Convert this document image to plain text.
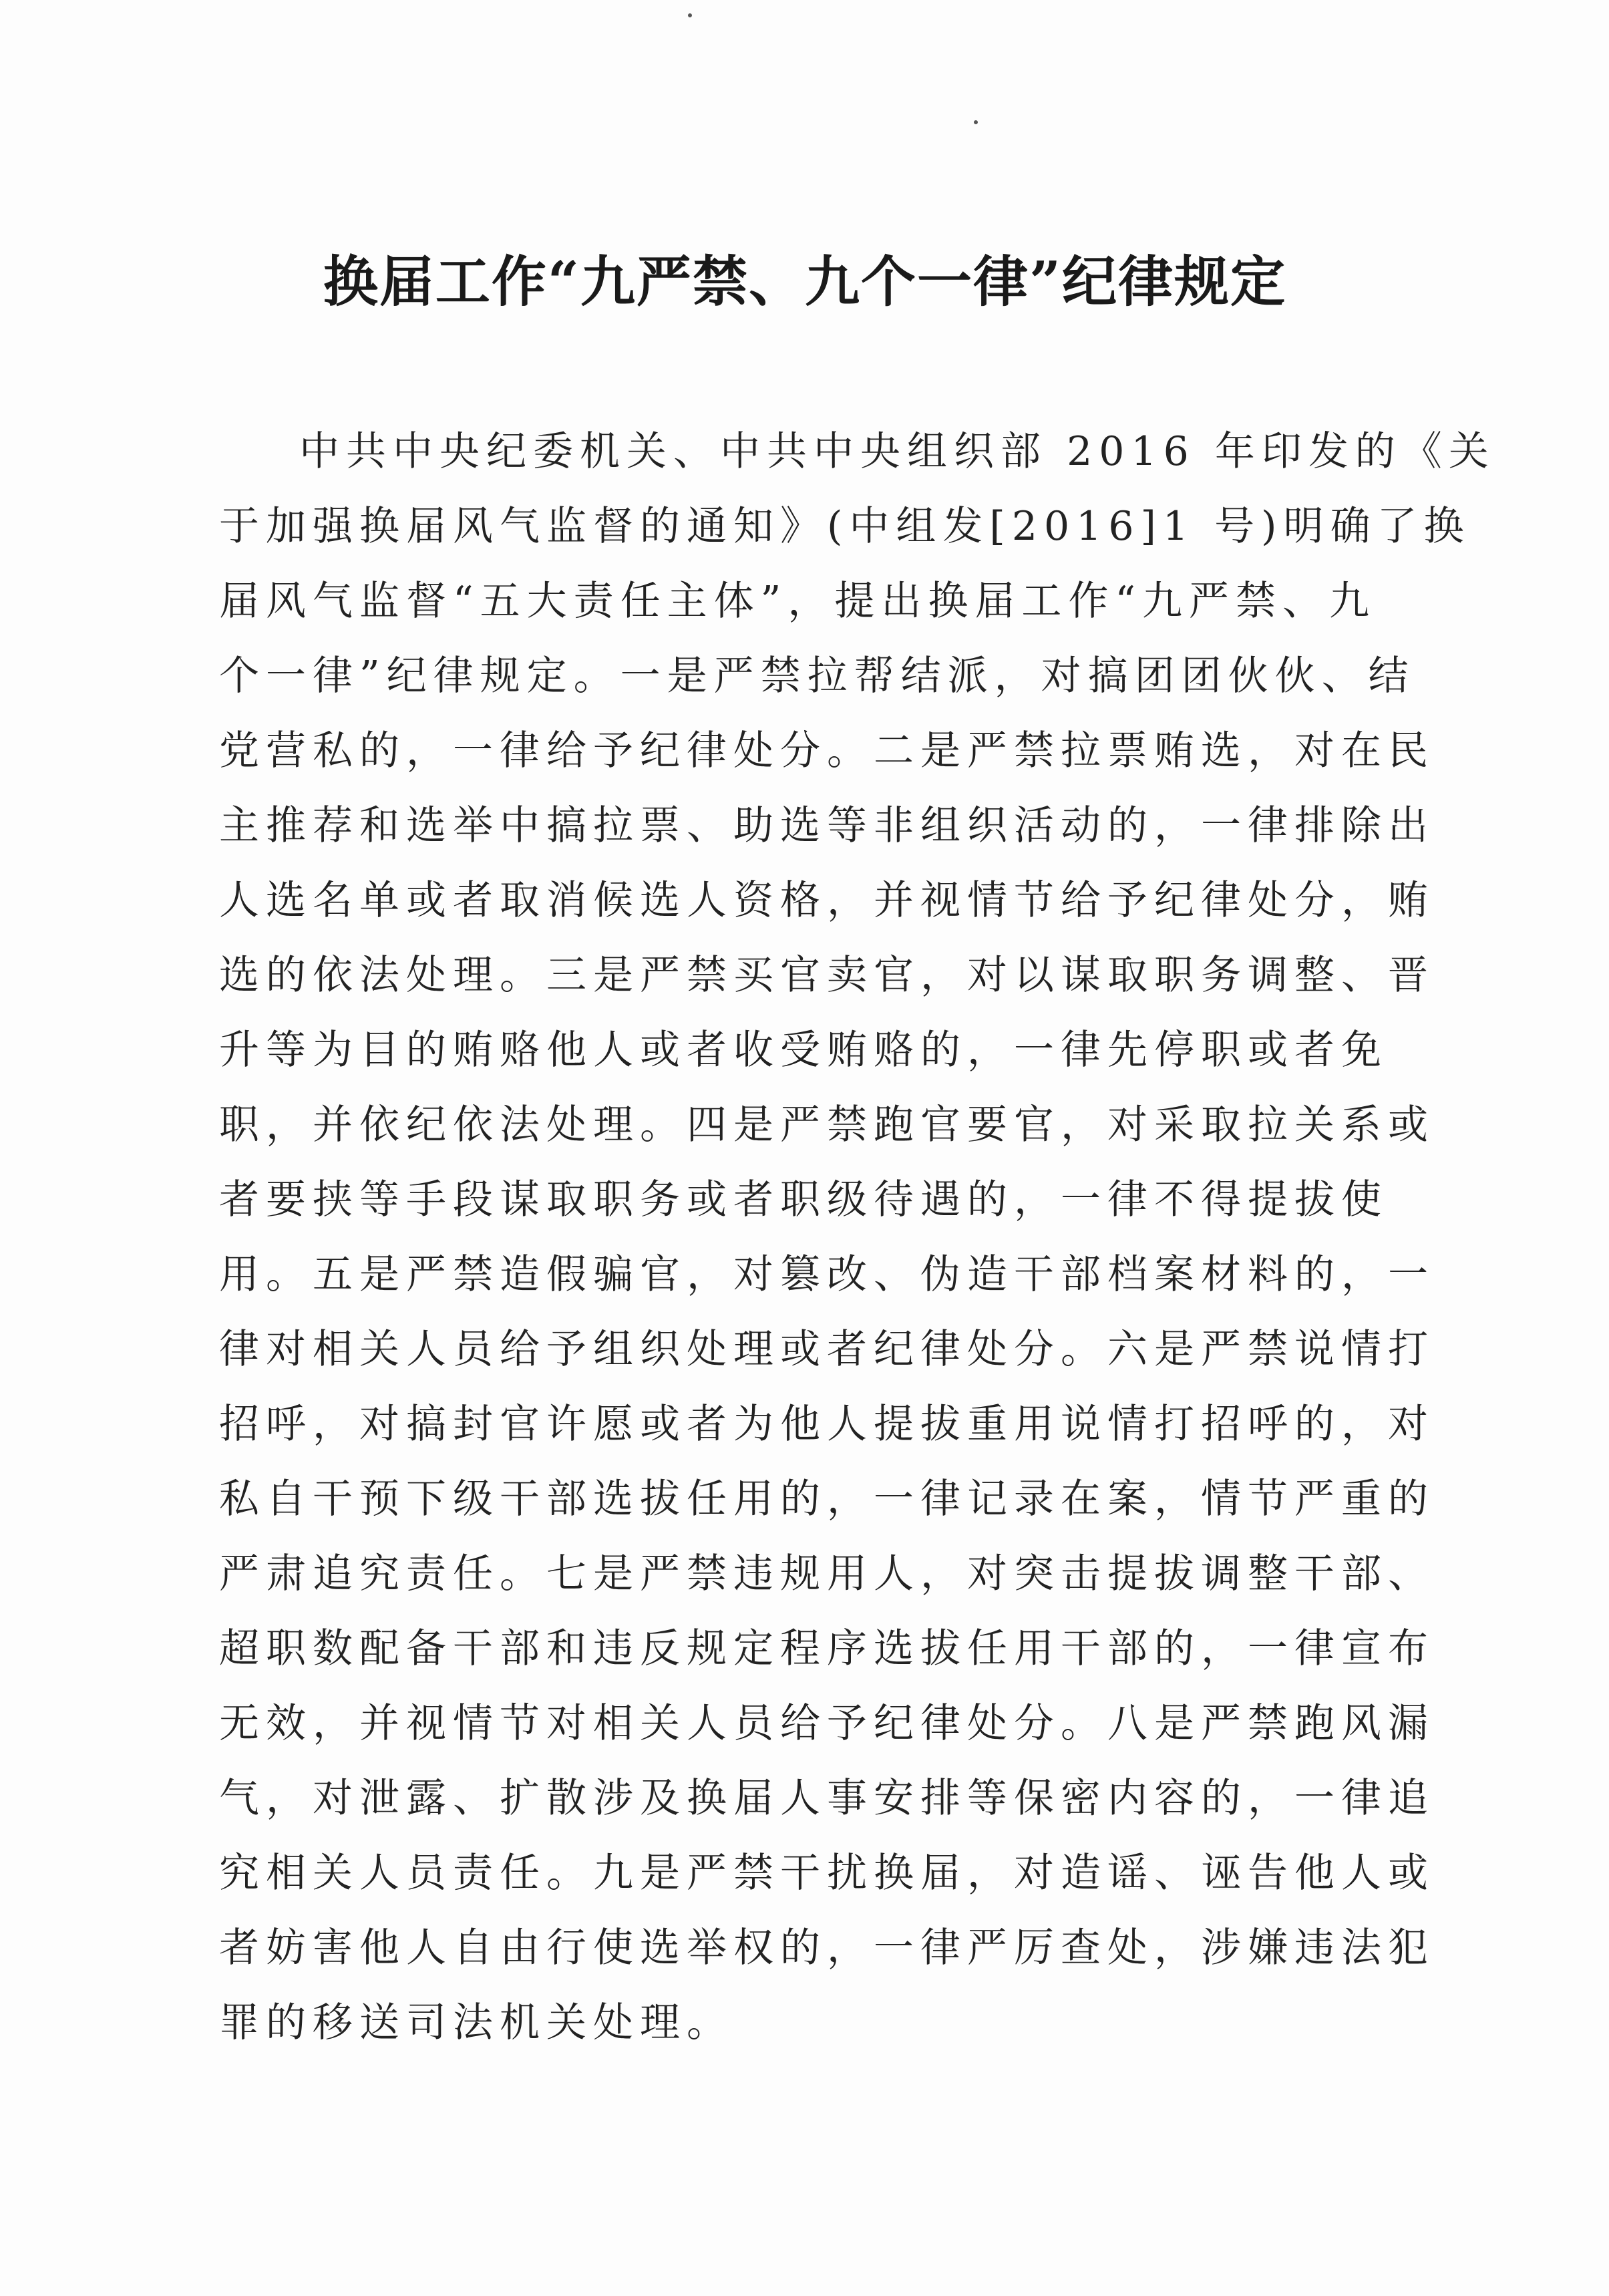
换届工作“九严禁、九个一律”纪律规定
中共中央纪委机关、中共中央组织部 2016 年印发的《关
于加强换届风气监督的通知》(中组发[2016]1 号)明确了换
届风气监督“五大责任主体”，提出换届工作“九严禁、九
个一律”纪律规定。一是严禁拉帮结派，对搞团团伙伙、结
党营私的，一律给予纪律处分。二是严禁拉票贿选，对在民
主推荐和选举中搞拉票、助选等非组织活动的，一律排除出
人选名单或者取消候选人资格，并视情节给予纪律处分，贿
选的依法处理。三是严禁买官卖官，对以谋取职务调整、晋
升等为目的贿赂他人或者收受贿赂的，一律先停职或者免
职，并依纪依法处理。四是严禁跑官要官，对采取拉关系或
者要挟等手段谋取职务或者职级待遇的，一律不得提拔使
用。五是严禁造假骗官，对篡改、伪造干部档案材料的，一
律对相关人员给予组织处理或者纪律处分。六是严禁说情打
招呼，对搞封官许愿或者为他人提拔重用说情打招呼的，对
私自干预下级干部选拔任用的，一律记录在案，情节严重的
严肃追究责任。七是严禁违规用人，对突击提拔调整干部、
超职数配备干部和违反规定程序选拔任用干部的，一律宣布
无效，并视情节对相关人员给予纪律处分。八是严禁跑风漏
气，对泄露、扩散涉及换届人事安排等保密内容的，一律追
究相关人员责任。九是严禁干扰换届，对造谣、诬告他人或
者妨害他人自由行使选举权的，一律严厉查处，涉嫌违法犯
罪的移送司法机关处理。
